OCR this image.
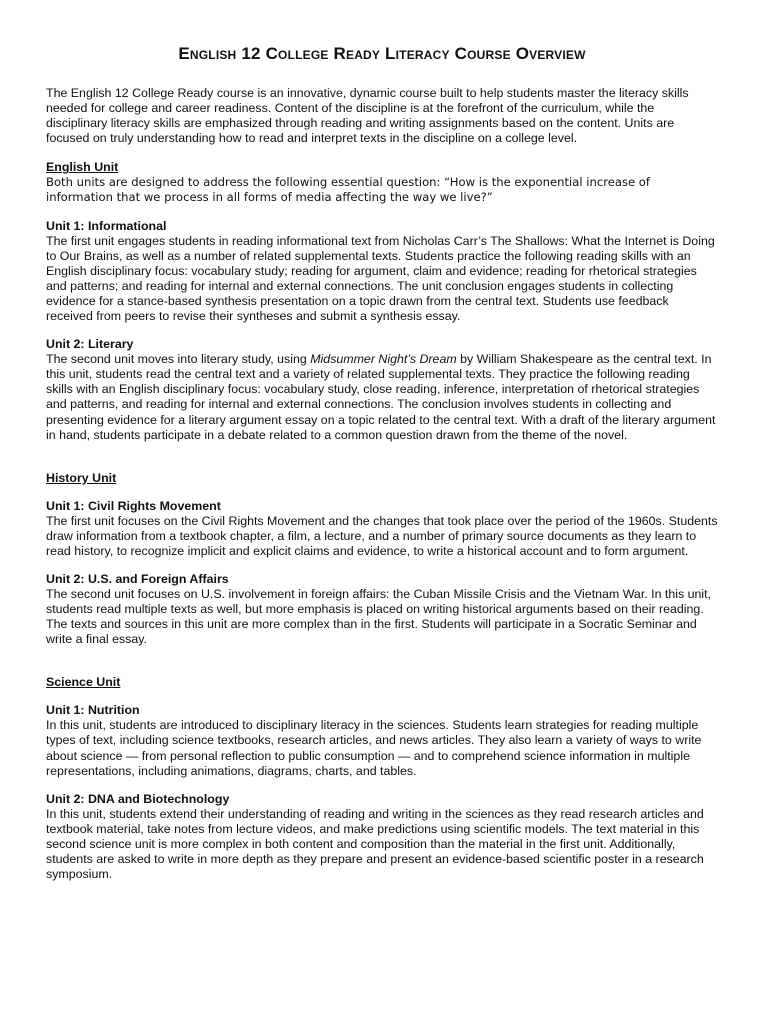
English 12 College Ready Literacy Course Overview

The English 12 College Ready course is an innovative, dynamic course built to help students master the literacy skills needed for college and career readiness. Content of the discipline is at the forefront of the curriculum, while the disciplinary literacy skills are emphasized through reading and writing assignments based on the content. Units are focused on truly understanding how to read and interpret texts in the discipline on a college level.

English Unit

Both units are designed to address the following essential question: “How is the exponential increase of information that we process in all forms of media affecting the way we live?”

Unit 1: Informational

The first unit engages students in reading informational text from Nicholas Carr’s The Shallows: What the Internet is Doing to Our Brains, as well as a number of related supplemental texts. Students practice the following reading skills with an English disciplinary focus: vocabulary study; reading for argument, claim and evidence; reading for rhetorical strategies and patterns; and reading for internal and external connections. The unit conclusion engages students in collecting evidence for a stance-based synthesis presentation on a topic drawn from the central text. Students use feedback received from peers to revise their syntheses and submit a synthesis essay.

Unit 2: Literary

The second unit moves into literary study, using Midsummer Night’s Dream by William Shakespeare as the central text. In this unit, students read the central text and a variety of related supplemental texts. They practice the following reading skills with an English disciplinary focus: vocabulary study, close reading, inference, interpretation of rhetorical strategies and patterns, and reading for internal and external connections. The conclusion involves students in collecting and presenting evidence for a literary argument essay on a topic related to the central text. With a draft of the literary argument in hand, students participate in a debate related to a common question drawn from the theme of the novel.

History Unit
Unit 1: Civil Rights Movement

The first unit focuses on the Civil Rights Movement and the changes that took place over the period of the 1960s. Students draw information from a textbook chapter, a film, a lecture, and a number of primary source documents as they learn to read history, to recognize implicit and explicit claims and evidence, to write a historical account and to form argument.

Unit 2: U.S. and Foreign Affairs

The second unit focuses on U.S. involvement in foreign affairs: the Cuban Missile Crisis and the Vietnam War. In this unit, students read multiple texts as well, but more emphasis is placed on writing historical arguments based on their reading. The texts and sources in this unit are more complex than in the first. Students will participate in a Socratic Seminar and write a final essay.

Science Unit
Unit 1: Nutrition

In this unit, students are introduced to disciplinary literacy in the sciences. Students learn strategies for reading multiple types of text, including science textbooks, research articles, and news articles. They also learn a variety of ways to write about science — from personal reflection to public consumption — and to comprehend science information in multiple representations, including animations, diagrams, charts, and tables.

Unit 2: DNA and Biotechnology

In this unit, students extend their understanding of reading and writing in the sciences as they read research articles and textbook material, take notes from lecture videos, and make predictions using scientific models. The text material in this second science unit is more complex in both content and composition than the material in the first unit. Additionally, students are asked to write in more depth as they prepare and present an evidence-based scientific poster in a research symposium.
